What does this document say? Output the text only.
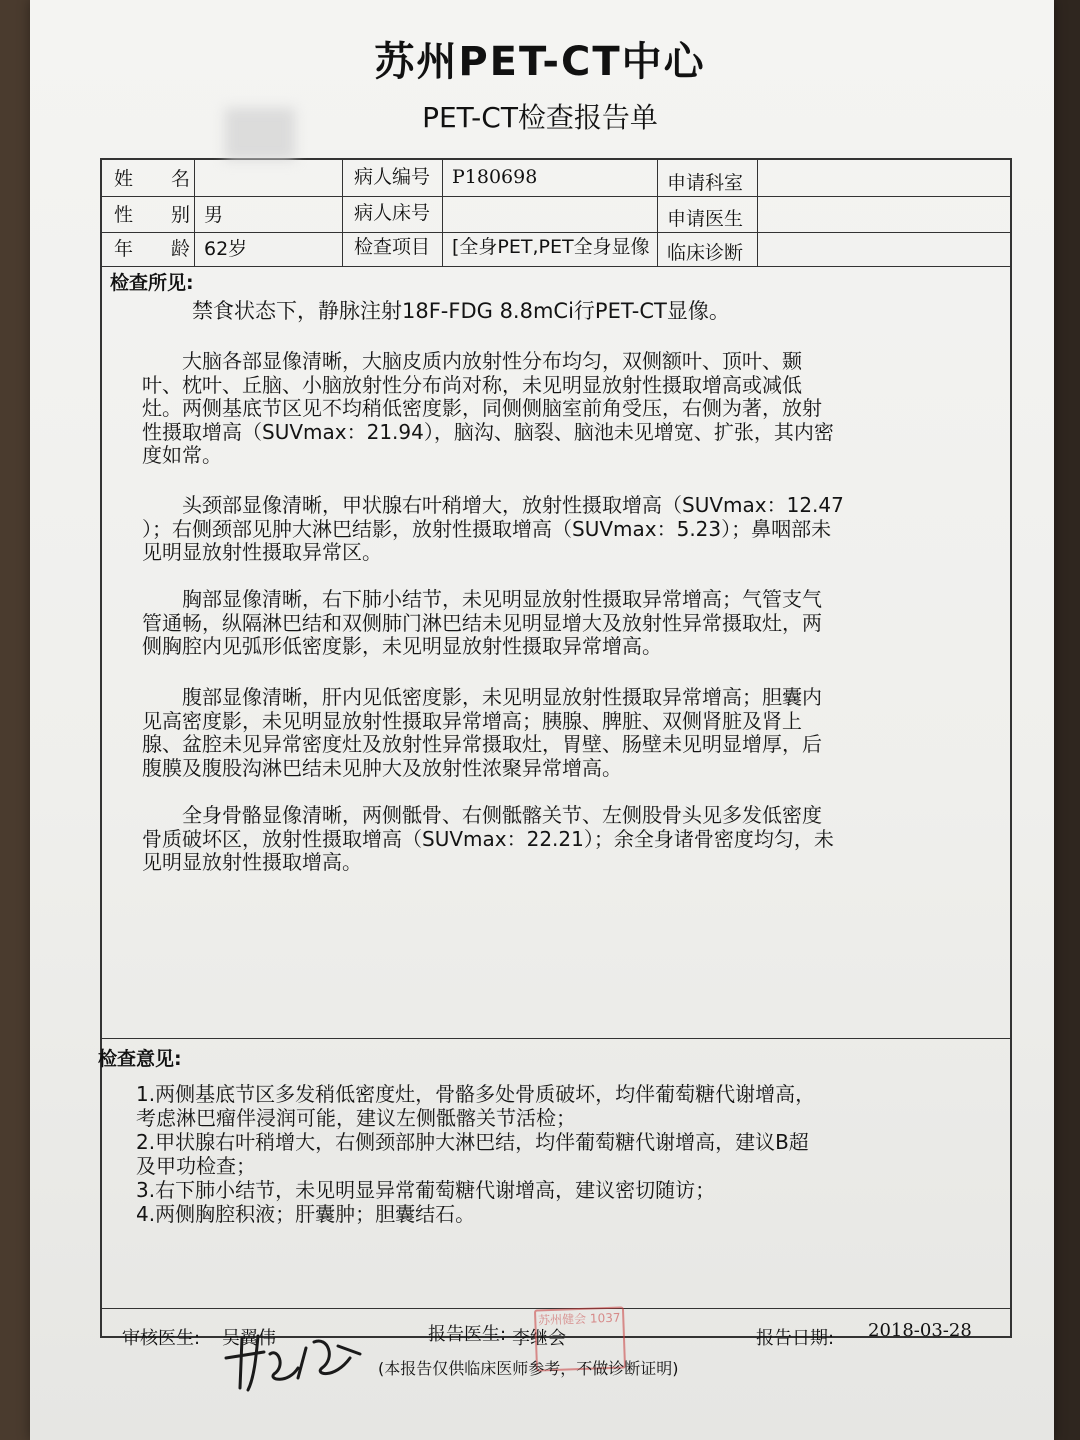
苏州PET-CT中心
PET-CT检查报告单
姓　　名	病人编号 P180698	申请科室
性　　别 男	病人床号	申请医生
年　　龄 62岁	检查项目 [全身PET,PET全身显像 临床诊断
检查所见:
禁食状态下，静脉注射18F-FDG 8.8mCi行PET-CT显像。
　　大脑各部显像清晰，大脑皮质内放射性分布均匀，双侧额叶、顶叶、颞
叶、枕叶、丘脑、小脑放射性分布尚对称，未见明显放射性摄取增高或减低
灶。两侧基底节区见不均稍低密度影，同侧侧脑室前角受压，右侧为著，放射
性摄取增高（SUVmax：21.94），脑沟、脑裂、脑池未见增宽、扩张，其内密
度如常。
　　头颈部显像清晰，甲状腺右叶稍增大，放射性摄取增高（SUVmax：12.47
）；右侧颈部见肿大淋巴结影，放射性摄取增高（SUVmax：5.23）；鼻咽部未
见明显放射性摄取异常区。
　　胸部显像清晰，右下肺小结节，未见明显放射性摄取异常增高；气管支气
管通畅，纵隔淋巴结和双侧肺门淋巴结未见明显增大及放射性异常摄取灶，两
侧胸腔内见弧形低密度影，未见明显放射性摄取异常增高。
　　腹部显像清晰，肝内见低密度影，未见明显放射性摄取异常增高；胆囊内
见高密度影，未见明显放射性摄取异常增高；胰腺、脾脏、双侧肾脏及肾上
腺、盆腔未见异常密度灶及放射性异常摄取灶，胃壁、肠壁未见明显增厚，后
腹膜及腹股沟淋巴结未见肿大及放射性浓聚异常增高。
　　全身骨骼显像清晰，两侧骶骨、右侧骶髂关节、左侧股骨头见多发低密度
骨质破坏区，放射性摄取增高（SUVmax：22.21）；余全身诸骨密度均匀，未
见明显放射性摄取增高。
检查意见:
1.两侧基底节区多发稍低密度灶，骨骼多处骨质破坏，均伴葡萄糖代谢增高，
考虑淋巴瘤伴浸润可能，建议左侧骶髂关节活检；
2.甲状腺右叶稍增大，右侧颈部肿大淋巴结，均伴葡萄糖代谢增高，建议B超
及甲功检查；
3.右下肺小结节，未见明显异常葡萄糖代谢增高，建议密切随访；
4.两侧胸腔积液；肝囊肿；胆囊结石。
审核医生: 吴翼伟	报告医生: 李继会	报告日期: 2018-03-28
苏州健会 1037
(本报告仅供临床医师参考，不做诊断证明)
